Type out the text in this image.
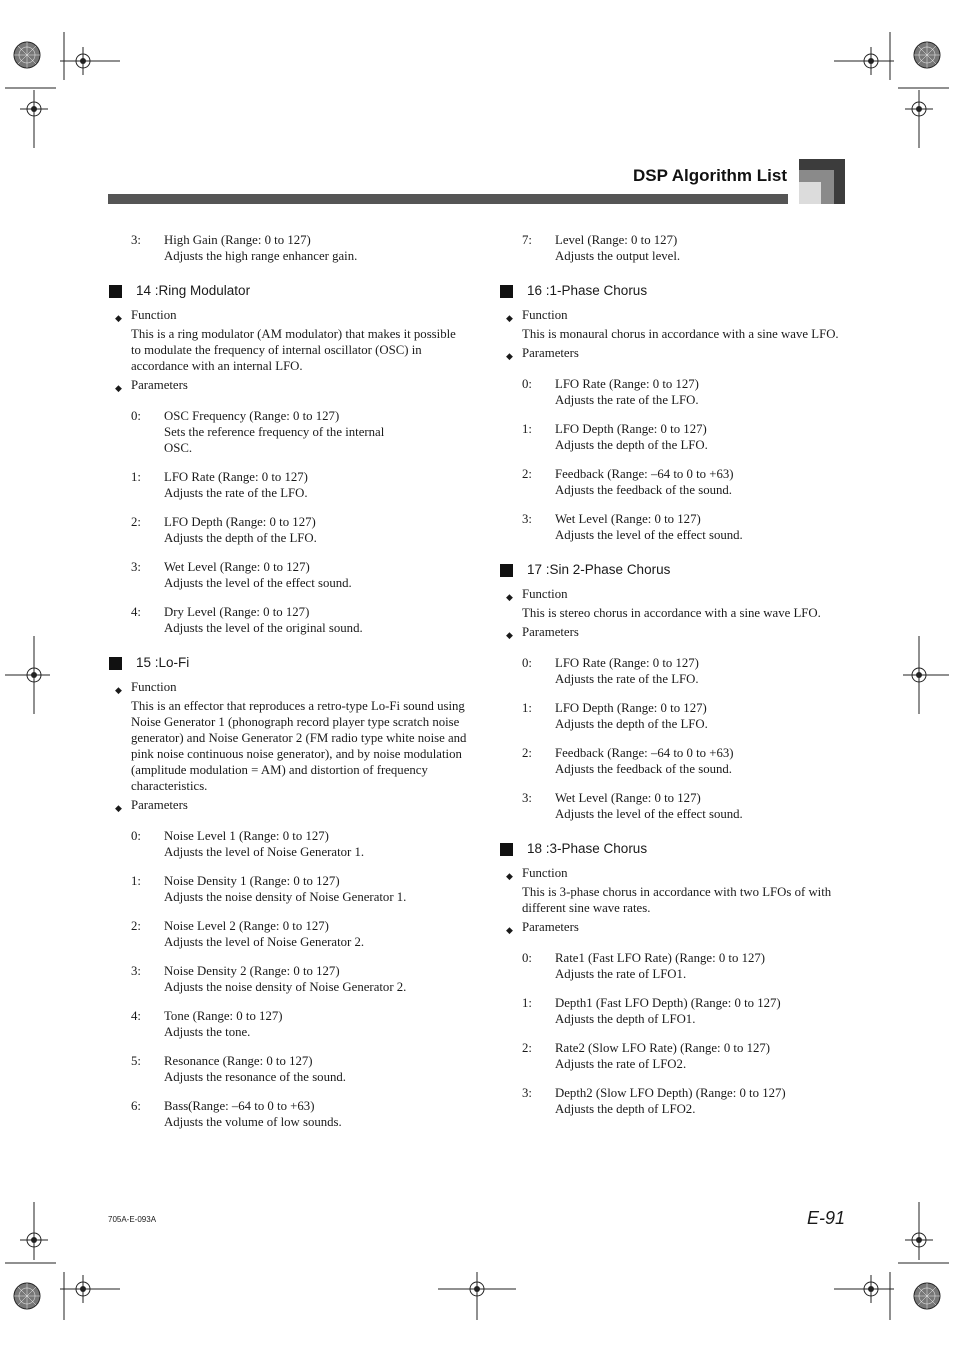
DSP Algorithm List
3: High Gain (Range: 0 to 127)
Adjusts the high range enhancer gain.
14 :Ring Modulator
◆ Function
This is a ring modulator (AM modulator) that makes it possible to modulate the frequency of internal oscillator (OSC) in accordance with an internal LFO.
◆ Parameters
0: OSC Frequency (Range: 0 to 127)
Sets the reference frequency of the internal OSC.
1: LFO Rate (Range: 0 to 127)
Adjusts the rate of the LFO.
2: LFO Depth (Range: 0 to 127)
Adjusts the depth of the LFO.
3: Wet Level (Range: 0 to 127)
Adjusts the level of the effect sound.
4: Dry Level (Range: 0 to 127)
Adjusts the level of the original sound.
15 :Lo-Fi
◆ Function
This is an effector that reproduces a retro-type Lo-Fi sound using Noise Generator 1 (phonograph record player type scratch noise generator) and Noise Generator 2 (FM radio type white noise and pink noise continuous noise generator), and by noise modulation (amplitude modulation = AM) and distortion of frequency characteristics.
◆ Parameters
0: Noise Level 1 (Range: 0 to 127)
Adjusts the level of Noise Generator 1.
1: Noise Density 1 (Range: 0 to 127)
Adjusts the noise density of Noise Generator 1.
2: Noise Level 2 (Range: 0 to 127)
Adjusts the level of Noise Generator 2.
3: Noise Density 2 (Range: 0 to 127)
Adjusts the noise density of Noise Generator 2.
4: Tone (Range: 0 to 127)
Adjusts the tone.
5: Resonance (Range: 0 to 127)
Adjusts the resonance of the sound.
6: Bass(Range: –64 to 0 to +63)
Adjusts the volume of low sounds.
7: Level (Range: 0 to 127)
Adjusts the output level.
16 :1-Phase Chorus
◆ Function
This is monaural chorus in accordance with a sine wave LFO.
◆ Parameters
0: LFO Rate (Range: 0 to 127)
Adjusts the rate of the LFO.
1: LFO Depth (Range: 0 to 127)
Adjusts the depth of the LFO.
2: Feedback (Range: –64 to 0 to +63)
Adjusts the feedback of the sound.
3: Wet Level (Range: 0 to 127)
Adjusts the level of the effect sound.
17 :Sin 2-Phase Chorus
◆ Function
This is stereo chorus in accordance with a sine wave LFO.
◆ Parameters
0: LFO Rate (Range: 0 to 127)
Adjusts the rate of the LFO.
1: LFO Depth (Range: 0 to 127)
Adjusts the depth of the LFO.
2: Feedback (Range: –64 to 0 to +63)
Adjusts the feedback of the sound.
3: Wet Level (Range: 0 to 127)
Adjusts the level of the effect sound.
18 :3-Phase Chorus
◆ Function
This is 3-phase chorus in accordance with two LFOs of with different sine wave rates.
◆ Parameters
0: Rate1 (Fast LFO Rate) (Range: 0 to 127)
Adjusts the rate of LFO1.
1: Depth1 (Fast LFO Depth) (Range: 0 to 127)
Adjusts the depth of LFO1.
2: Rate2 (Slow LFO Rate) (Range: 0 to 127)
Adjusts the rate of LFO2.
3: Depth2 (Slow LFO Depth) (Range: 0 to 127)
Adjusts the depth of LFO2.
705A-E-093A	E-91
